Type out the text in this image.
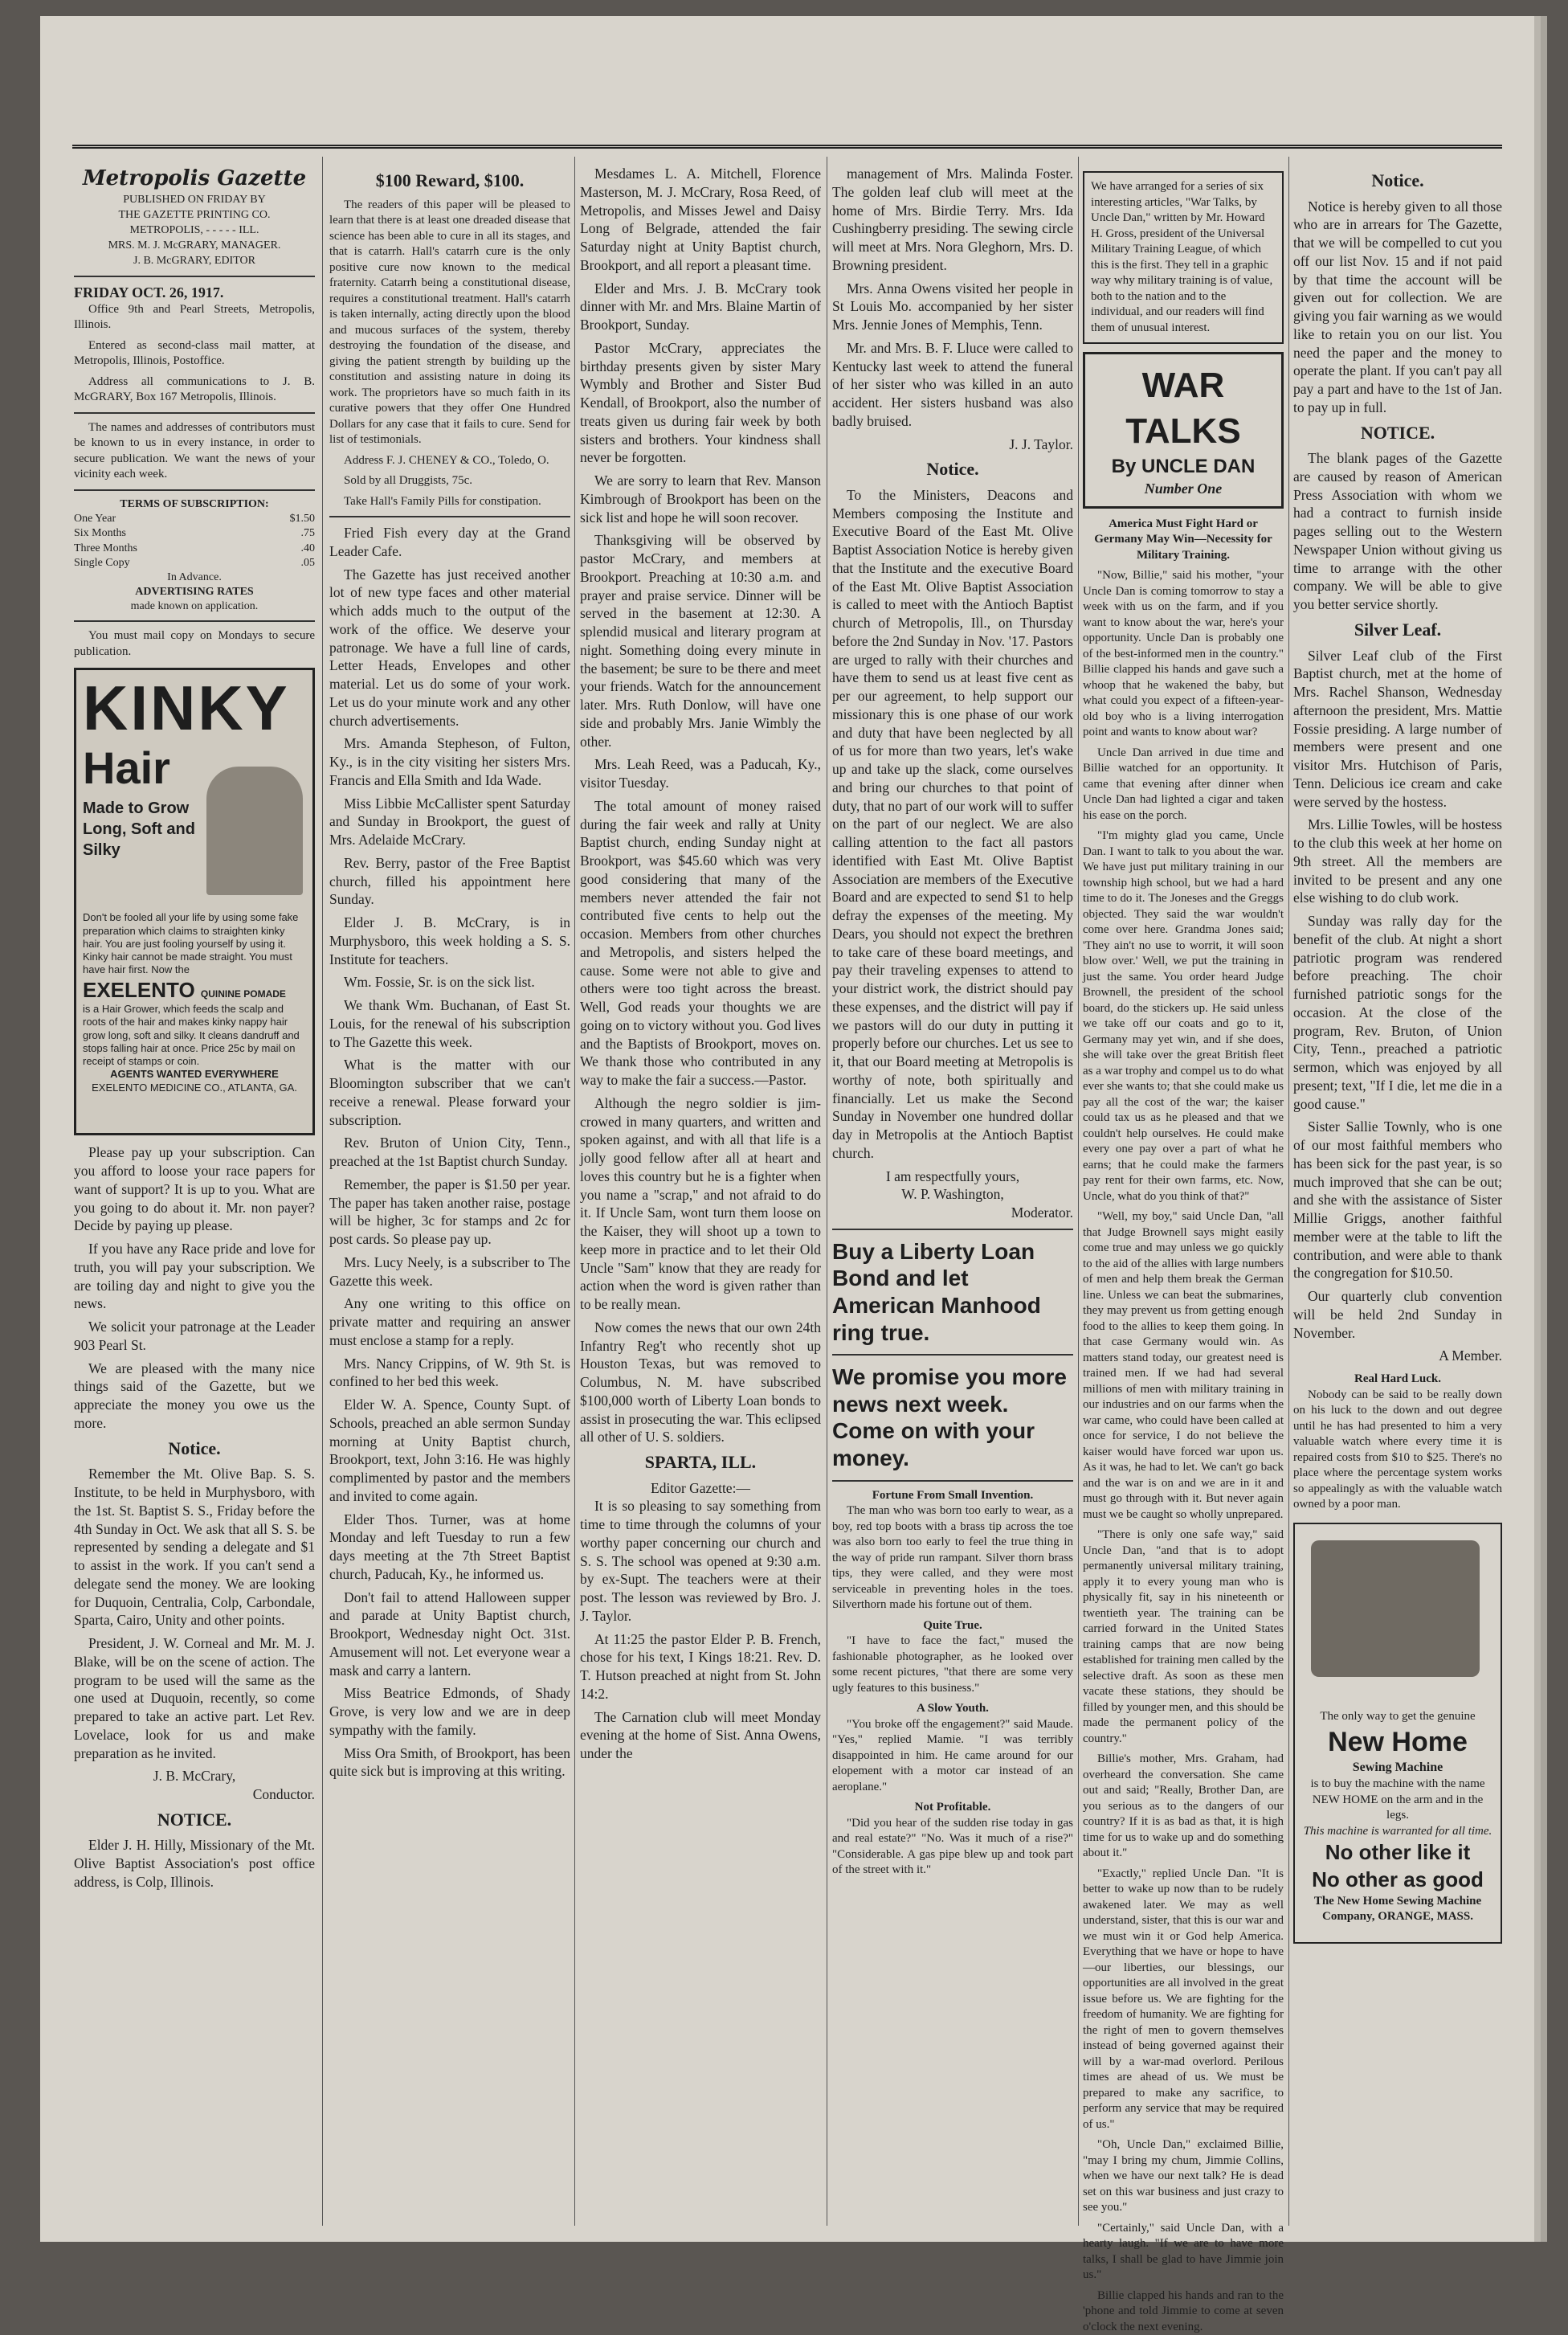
Metropolis Gazette
PUBLISHED ON FRIDAY BY
THE GAZETTE PRINTING CO.
METROPOLIS, - - - - - ILL.
MRS. M. J. McGRARY, MANAGER.
J. B. McGRARY, EDITOR
FRIDAY OCT. 26, 1917.

Office 9th and Pearl Streets, Metropolis, Illinois.

Entered as second-class mail matter, at Metropolis, Illinois, Postoffice.

Address all communications to J. B. McGRARY, Box 167 Metropolis, Illinois.

The names and addresses of contributors must be known to us in every instance, in order to secure publication. We want the news of your vicinity each week.

TERMS OF SUBSCRIPTION:
One Year	$1.50
Six Months	.75
Three Months	.40
Single Copy	.05
In Advance.
ADVERTISING RATES
made known on application.

You must mail copy on Mondays to secure publication.

KINKY
Hair
Made to Grow Long, Soft and Silky
Don't be fooled all your life by using some fake preparation which claims to straighten kinky hair. You are just fooling yourself by using it. Kinky hair cannot be made straight. You must have hair first. Now the
EXELENTO QUININE POMADE
is a Hair Grower, which feeds the scalp and roots of the hair and makes kinky nappy hair grow long, soft and silky. It cleans dandruff and stops falling hair at once. Price 25c by mail on receipt of stamps or coin.
AGENTS WANTED EVERYWHERE
EXELENTO MEDICINE CO., ATLANTA, GA.

Please pay up your subscription. Can you afford to loose your race papers for want of support? It is up to you. What are you going to do about it. Mr. non payer? Decide by paying up please.

If you have any Race pride and love for truth, you will pay your subscription. We are toiling day and night to give you the news.

We solicit your patronage at the Leader 903 Pearl St.

We are pleased with the many nice things said of the Gazette, but we appreciate the money you owe us the more.

Notice.

Remember the Mt. Olive Bap. S. S. Institute, to be held in Murphysboro, with the 1st. St. Baptist S. S., Friday before the 4th Sunday in Oct. We ask that all S. S. be represented by sending a delegate and $1 to assist in the work. If you can't send a delegate send the money. We are looking for Duquoin, Centralia, Colp, Carbondale, Sparta, Cairo, Unity and other points.

President, J. W. Corneal and Mr. M. J. Blake, will be on the scene of action. The program to be used will the same as the one used at Duquoin, recently, so come prepared to take an active part. Let Rev. Lovelace, look for us and make preparation as he invited.

J. B. McCrary,
Conductor.
NOTICE.

Elder J. H. Hilly, Missionary of the Mt. Olive Baptist Association's post office address, is Colp, Illinois.

$100 Reward, $100.

The readers of this paper will be pleased to learn that there is at least one dreaded disease that science has been able to cure in all its stages, and that is catarrh. Hall's catarrh cure is the only positive cure now known to the medical fraternity. Catarrh being a constitutional disease, requires a constitutional treatment. Hall's catarrh is taken internally, acting directly upon the blood and mucous surfaces of the system, thereby destroying the foundation of the disease, and giving the patient strength by building up the constitution and assisting nature in doing its work. The proprietors have so much faith in its curative powers that they offer One Hundred Dollars for any case that it fails to cure. Send for list of testimonials.

Address F. J. CHENEY & CO., Toledo, O.

Sold by all Druggists, 75c.

Take Hall's Family Pills for constipation.

Fried Fish every day at the Grand Leader Cafe.

The Gazette has just received another lot of new type faces and other material which adds much to the output of the work of the office. We deserve your patronage. We have a full line of cards, Letter Heads, Envelopes and other material. Let us do some of your work. Let us do your minute work and any other church advertisements.

Mrs. Amanda Stepheson, of Fulton, Ky., is in the city visiting her sisters Mrs. Francis and Ella Smith and Ida Wade.

Miss Libbie McCallister spent Saturday and Sunday in Brookport, the guest of Mrs. Adelaide McCrary.

Rev. Berry, pastor of the Free Baptist church, filled his appointment here Sunday.

Elder J. B. McCrary, is in Murphysboro, this week holding a S. S. Institute for teachers.

Wm. Fossie, Sr. is on the sick list.

We thank Wm. Buchanan, of East St. Louis, for the renewal of his subscription to The Gazette this week.

What is the matter with our Bloomington subscriber that we can't receive a renewal. Please forward your subscription.

Rev. Bruton of Union City, Tenn., preached at the 1st Baptist church Sunday.

Remember, the paper is $1.50 per year. The paper has taken another raise, postage will be higher, 3c for stamps and 2c for post cards. So please pay up.

Mrs. Lucy Neely, is a subscriber to The Gazette this week.

Any one writing to this office on private matter and requiring an answer must enclose a stamp for a reply.

Mrs. Nancy Crippins, of W. 9th St. is confined to her bed this week.

Elder W. A. Spence, County Supt. of Schools, preached an able sermon Sunday morning at Unity Baptist church, Brookport, text, John 3:16. He was highly complimented by pastor and the members and invited to come again.

Elder Thos. Turner, was at home Monday and left Tuesday to run a few days meeting at the 7th Street Baptist church, Paducah, Ky., he informed us.

Don't fail to attend Halloween supper and parade at Unity Baptist church, Brookport, Wednesday night Oct. 31st. Amusement will not. Let everyone wear a mask and carry a lantern.

Miss Beatrice Edmonds, of Shady Grove, is very low and we are in deep sympathy with the family.

Miss Ora Smith, of Brookport, has been quite sick but is improving at this writing.

Mesdames L. A. Mitchell, Florence Masterson, M. J. McCrary, Rosa Reed, of Metropolis, and Misses Jewel and Daisy Long of Belgrade, attended the fair Saturday night at Unity Baptist church, Brookport, and all report a pleasant time.

Elder and Mrs. J. B. McCrary took dinner with Mr. and Mrs. Blaine Martin of Brookport, Sunday.

Pastor McCrary, appreciates the birthday presents given by sister Mary Wymbly and Brother and Sister Bud Kendall, of Brookport, also the number of treats given us during fair week by both sisters and brothers. Your kindness shall never be forgotten.

We are sorry to learn that Rev. Manson Kimbrough of Brookport has been on the sick list and hope he will soon recover.

Thanksgiving will be observed by pastor McCrary, and members at Brookport. Preaching at 10:30 a.m. and prayer and praise service. Dinner will be served in the basement at 12:30. A splendid musical and literary program at night. Something doing every minute in the basement; be sure to be there and meet your friends. Watch for the announcement later. Mrs. Ruth Donlow, will have one side and probably Mrs. Janie Wimbly the other.

Mrs. Leah Reed, was a Paducah, Ky., visitor Tuesday.

The total amount of money raised during the fair week and rally at Unity Baptist church, ending Sunday night at Brookport, was $45.60 which was very good considering that many of the members never attended the fair not contributed five cents to help out the occasion. Members from other churches and Metropolis, and sisters helped the cause. Some were not able to give and others were too tight across the breast. Well, God reads your thoughts we are going on to victory without you. God lives and the Baptists of Brookport, moves on. We thank those who contributed in any way to make the fair a success.—Pastor.

Although the negro soldier is jim-crowed in many quarters, and written and spoken against, and with all that life is a jolly good fellow after all at heart and loves this country but he is a fighter when you name a "scrap," and not afraid to do it. If Uncle Sam, wont turn them loose on the Kaiser, they will shoot up a town to keep more in practice and to let their Old Uncle "Sam" know that they are ready for action when the word is given rather than to be really mean.

Now comes the news that our own 24th Infantry Reg't who recently shot up Houston Texas, but was removed to Columbus, N. M. have subscribed $100,000 worth of Liberty Loan bonds to assist in prosecuting the war. This eclipsed all other of U. S. soldiers.

SPARTA, ILL.
Editor Gazette:—

It is so pleasing to say something from time to time through the columns of your worthy paper concerning our church and S. S. The school was opened at 9:30 a.m. by ex-Supt. The teachers were at their post. The lesson was reviewed by Bro. J. J. Taylor.

At 11:25 the pastor Elder P. B. French, chose for his text, I Kings 18:21. Rev. D. T. Hutson preached at night from St. John 14:2.

The Carnation club will meet Monday evening at the home of Sist. Anna Owens, under the

management of Mrs. Malinda Foster. The golden leaf club will meet at the home of Mrs. Birdie Terry. Mrs. Ida Cushingberry presiding. The sewing circle will meet at Mrs. Nora Gleghorn, Mrs. D. Browning president.

Mrs. Anna Owens visited her people in St Louis Mo. accompanied by her sister Mrs. Jennie Jones of Memphis, Tenn.

Mr. and Mrs. B. F. Lluce were called to Kentucky last week to attend the funeral of her sister who was killed in an auto accident. Her sisters husband was also badly bruised.

J. J. Taylor.
Notice.

To the Ministers, Deacons and Members composing the Institute and Executive Board of the East Mt. Olive Baptist Association Notice is hereby given that the Institute and the executive Board of the East Mt. Olive Baptist Association is called to meet with the Antioch Baptist church of Metropolis, Ill., on Thursday before the 2nd Sunday in Nov. '17. Pastors are urged to rally with their churches and have them to send us at least five cent as per our agreement, to help support our missionary this is one phase of our work and duty that have been neglected by all of us for more than two years, let's wake up and take up the slack, come ourselves and bring our churches to that point of duty, that no part of our work will to suffer on the part of our neglect. We are also calling attention to the fact all pastors identified with East Mt. Olive Baptist Association are members of the Executive Board and are expected to send $1 to help defray the expenses of the meeting. My Dears, you should not expect the brethren to take care of these board meetings, and pay their traveling expenses to attend to your district work, the district should pay these expenses, and the district will pay if we pastors will do our duty in putting it properly before our churches. Let us see to it, that our Board meeting at Metropolis is worthy of note, both spiritually and financially. Let us make the Second Sunday in November one hundred dollar day in Metropolis at the Antioch Baptist church.

I am respectfully yours,
W. P. Washington,
Moderator.
Buy a Liberty Loan Bond and let American Manhood ring true.
We promise you more news next week. Come on with your money.
Fortune From Small Invention.

The man who was born too early to wear, as a boy, red top boots with a brass tip across the toe was also born too early to feel the true thing in the way of pride run rampant. Silver thorn brass tips, they were called, and they were most serviceable in preventing holes in the toes. Silverthorn made his fortune out of them.

Quite True.

"I have to face the fact," mused the fashionable photographer, as he looked over some recent pictures, "that there are some very ugly features to this business."

A Slow Youth.

"You broke off the engagement?" said Maude. "Yes," replied Mamie. "I was terribly disappointed in him. He came around for our elopement with a motor car instead of an aeroplane."

Not Profitable.

"Did you hear of the sudden rise today in gas and real estate?" "No. Was it much of a rise?" "Considerable. A gas pipe blew up and took part of the street with it."

We have arranged for a series of six interesting articles, "War Talks, by Uncle Dan," written by Mr. Howard H. Gross, president of the Universal Military Training League, of which this is the first. They tell in a graphic way why military training is of value, both to the nation and to the individual, and our readers will find them of unusual interest.
WAR TALKS
By UNCLE DAN
Number One
America Must Fight Hard or Germany May Win—Necessity for Military Training.

"Now, Billie," said his mother, "your Uncle Dan is coming tomorrow to stay a week with us on the farm, and if you want to know about the war, here's your opportunity. Uncle Dan is probably one of the best-informed men in the country." Billie clapped his hands and gave such a whoop that he wakened the baby, but what could you expect of a fifteen-year-old boy who is a living interrogation point and wants to know about war?

Uncle Dan arrived in due time and Billie watched for an opportunity. It came that evening after dinner when Uncle Dan had lighted a cigar and taken his ease on the porch.

"I'm mighty glad you came, Uncle Dan. I want to talk to you about the war. We have just put military training in our township high school, but we had a hard time to do it. The Joneses and the Greggs objected. They said the war wouldn't come over here. Grandma Jones said; 'They ain't no use to worrit, it will soon blow over.' Well, we put the training in just the same. You order heard Judge Brownell, the president of the school board, do the stickers up. He said unless we take off our coats and go to it, Germany may yet win, and if she does, she will take over the great British fleet as a war trophy and compel us to do what ever she wants to; that she could make us pay all the cost of the war; the kaiser could tax us as he pleased and that we couldn't help ourselves. He could make every one pay over a part of what he earns; that he could make the farmers pay rent for their own farms, etc. Now, Uncle, what do you think of that?"

"Well, my boy," said Uncle Dan, "all that Judge Brownell says might easily come true and may unless we go quickly to the aid of the allies with large numbers of men and help them break the German line. Unless we can beat the submarines, they may prevent us from getting enough food to the allies to keep them going. In that case Germany would win. As matters stand today, our greatest need is trained men. If we had had several millions of men with military training in our industries and on our farms when the war came, who could have been called at once for service, I do not believe the kaiser would have forced war upon us. As it was, he had to let. We can't go back and the war is on and we are in it and must go through with it. But never again must we be caught so wholly unprepared.

"There is only one safe way," said Uncle Dan, "and that is to adopt permanently universal military training, apply it to every young man who is physically fit, say in his nineteenth or twentieth year. The training can be carried forward in the United States training camps that are now being established for training men called by the selective draft. As soon as these men vacate these stations, they should be filled by younger men, and this should be made the permanent policy of the country."

Billie's mother, Mrs. Graham, had overheard the conversation. She came out and said; "Really, Brother Dan, are you serious as to the dangers of our country? If it is as bad as that, it is high time for us to wake up and do something about it."

"Exactly," replied Uncle Dan. "It is better to wake up now than to be rudely awakened later. We may as well understand, sister, that this is our war and we must win it or God help America. Everything that we have or hope to have—our liberties, our blessings, our opportunities are all involved in the great issue before us. We are fighting for the freedom of humanity. We are fighting for the right of men to govern themselves instead of being governed against their will by a war-mad overlord. Perilous times are ahead of us. We must be prepared to make any sacrifice, to perform any service that may be required of us."

"Oh, Uncle Dan," exclaimed Billie, "may I bring my chum, Jimmie Collins, when we have our next talk? He is dead set on this war business and just crazy to see you."

"Certainly," said Uncle Dan, with a hearty laugh. "If we are to have more talks, I shall be glad to have Jimmie join us."

Billie clapped his hands and ran to the 'phone and told Jimmie to come at seven o'clock the next evening.

Notice.

Notice is hereby given to all those who are in arrears for The Gazette, that we will be compelled to cut you off our list Nov. 15 and if not paid by that time the account will be given out for collection. We are giving you fair warning as we would like to retain you on our list. You need the paper and the money to operate the plant. If you can't pay all pay a part and have to the 1st of Jan. to pay up in full.

NOTICE.

The blank pages of the Gazette are caused by reason of American Press Association with whom we had a contract to furnish inside pages selling out to the Western Newspaper Union without giving us time to arrange with the other company. We will be able to give you better service shortly.

Silver Leaf.

Silver Leaf club of the First Baptist church, met at the home of Mrs. Rachel Shanson, Wednesday afternoon the president, Mrs. Mattie Fossie presiding. A large number of members were present and one visitor Mrs. Hutchison of Paris, Tenn. Delicious ice cream and cake were served by the hostess.

Mrs. Lillie Towles, will be hostess to the club this week at her home on 9th street. All the members are invited to be present and any one else wishing to do club work.

Sunday was rally day for the benefit of the club. At night a short patriotic program was rendered before preaching. The choir furnished patriotic songs for the occasion. At the close of the program, Rev. Bruton, of Union City, Tenn., preached a patriotic sermon, which was enjoyed by all present; text, "If I die, let me die in a good cause."

Sister Sallie Townly, who is one of our most faithful members who has been sick for the past year, is so much improved that she can be out; and she with the assistance of Sister Millie Griggs, another faithful member were at the table to lift the contribution, and were able to thank the congregation for $10.50.

Our quarterly club convention will be held 2nd Sunday in November.

A Member.
Real Hard Luck.

Nobody can be said to be really down on his luck to the down and out degree until he has had presented to him a very valuable watch where every time it is repaired costs from $10 to $25. There's no place where the percentage system works so appealingly as with the valuable watch owned by a poor man.

The only way to get the genuine
New Home
Sewing Machine
is to buy the machine with the name NEW HOME on the arm and in the legs.
This machine is warranted for all time.
No other like it
No other as good
The New Home Sewing Machine Company, ORANGE, MASS.
